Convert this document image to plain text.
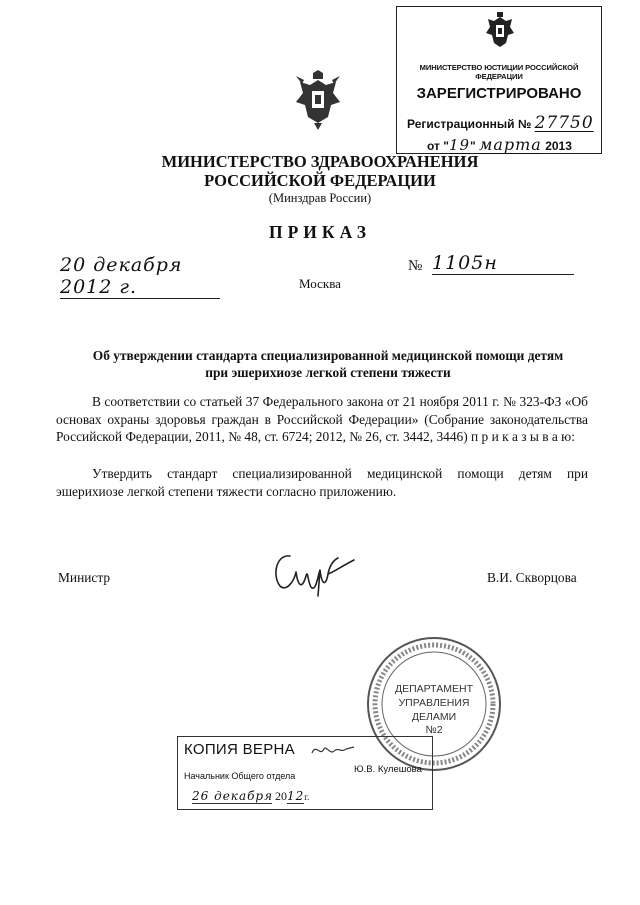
МИНИСТЕРСТВО ЮСТИЦИИ РОССИЙСКОЙ ФЕДЕРАЦИИ
ЗАРЕГИСТРИРОВАНО
Регистрационный № 27750
от "19" марта 2013
МИНИСТЕРСТВО ЗДРАВООХРАНЕНИЯ
РОССИЙСКОЙ ФЕДЕРАЦИИ
(Минздрав России)
ПРИКАЗ
20 декабря 2012 г.	Москва
№ 1105н
Об утверждении стандарта специализированной медицинской помощи детям
при эшерихиозе легкой степени тяжести
В соответствии со статьей 37 Федерального закона от 21 ноября 2011 г. № 323-ФЗ «Об основах охраны здоровья граждан в Российской Федерации» (Собрание законодательства Российской Федерации, 2011, № 48, ст. 6724; 2012, № 26, ст. 3442, 3446) п р и к а з ы в а ю:
Утвердить стандарт специализированной медицинской помощи детям при эшерихиозе легкой степени тяжести согласно приложению.
Министр	В.И. Скворцова
ДЕПАРТАМЕНТ
УПРАВЛЕНИЯ
ДЕЛАМИ
№2
КОПИЯ ВЕРНА
Ю.В. Кулешова
Начальник Общего отдела
26 декабря 2012г.
